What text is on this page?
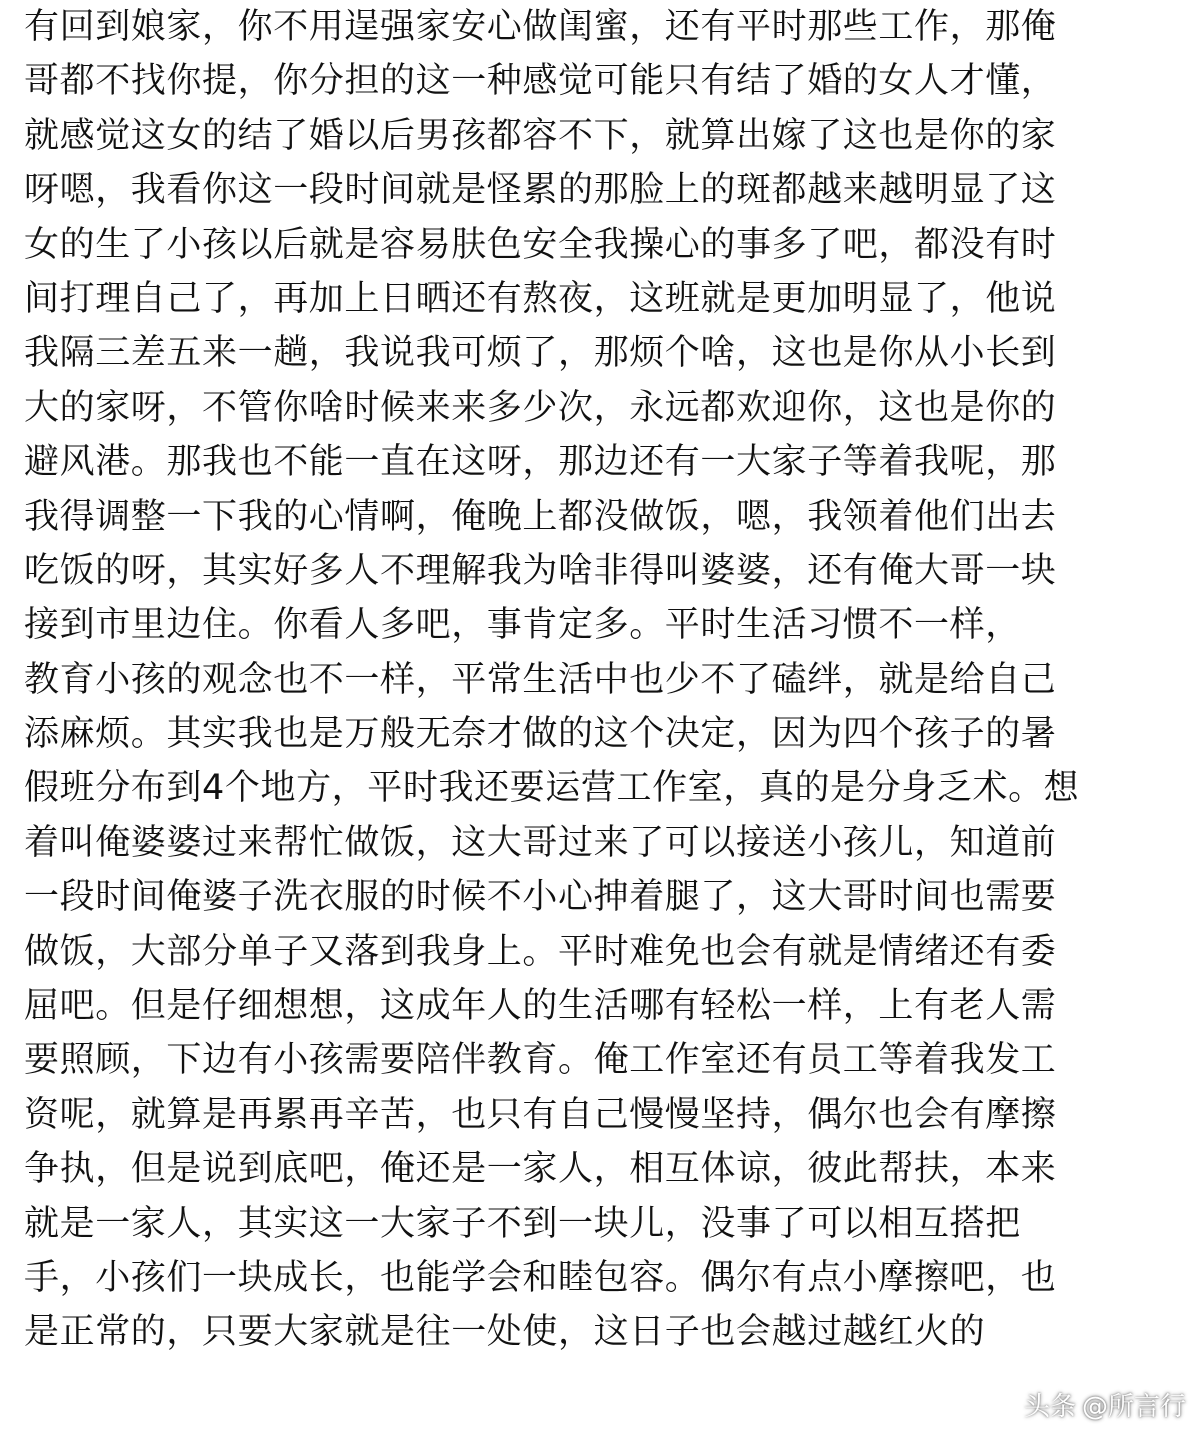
有回到娘家，你不用逞强家安心做闺蜜，还有平时那些工作，那俺
哥都不找你提，你分担的这一种感觉可能只有结了婚的女人才懂，
就感觉这女的结了婚以后男孩都容不下，就算出嫁了这也是你的家
呀嗯，我看你这一段时间就是怪累的那脸上的斑都越来越明显了这
女的生了小孩以后就是容易肤色安全我操心的事多了吧，都没有时
间打理自己了，再加上日晒还有熬夜，这班就是更加明显了，他说
我隔三差五来一趟，我说我可烦了，那烦个啥，这也是你从小长到
大的家呀，不管你啥时候来来多少次，永远都欢迎你，这也是你的
避风港。那我也不能一直在这呀，那边还有一大家子等着我呢，那
我得调整一下我的心情啊，俺晚上都没做饭，嗯，我领着他们出去
吃饭的呀，其实好多人不理解我为啥非得叫婆婆，还有俺大哥一块
接到市里边住。你看人多吧，事肯定多。平时生活习惯不一样，
教育小孩的观念也不一样，平常生活中也少不了磕绊，就是给自己
添麻烦。其实我也是万般无奈才做的这个决定，因为四个孩子的暑
假班分布到4个地方，平时我还要运营工作室，真的是分身乏术。想
着叫俺婆婆过来帮忙做饭，这大哥过来了可以接送小孩儿，知道前
一段时间俺婆子洗衣服的时候不小心抻着腿了，这大哥时间也需要
做饭，大部分单子又落到我身上。平时难免也会有就是情绪还有委
屈吧。但是仔细想想，这成年人的生活哪有轻松一样，上有老人需
要照顾，下边有小孩需要陪伴教育。俺工作室还有员工等着我发工
资呢，就算是再累再辛苦，也只有自己慢慢坚持，偶尔也会有摩擦
争执，但是说到底吧，俺还是一家人，相互体谅，彼此帮扶，本来
就是一家人，其实这一大家子不到一块儿，没事了可以相互搭把
手，小孩们一块成长，也能学会和睦包容。偶尔有点小摩擦吧，也
是正常的，只要大家就是往一处使，这日子也会越过越红火的
头条 @所言行
